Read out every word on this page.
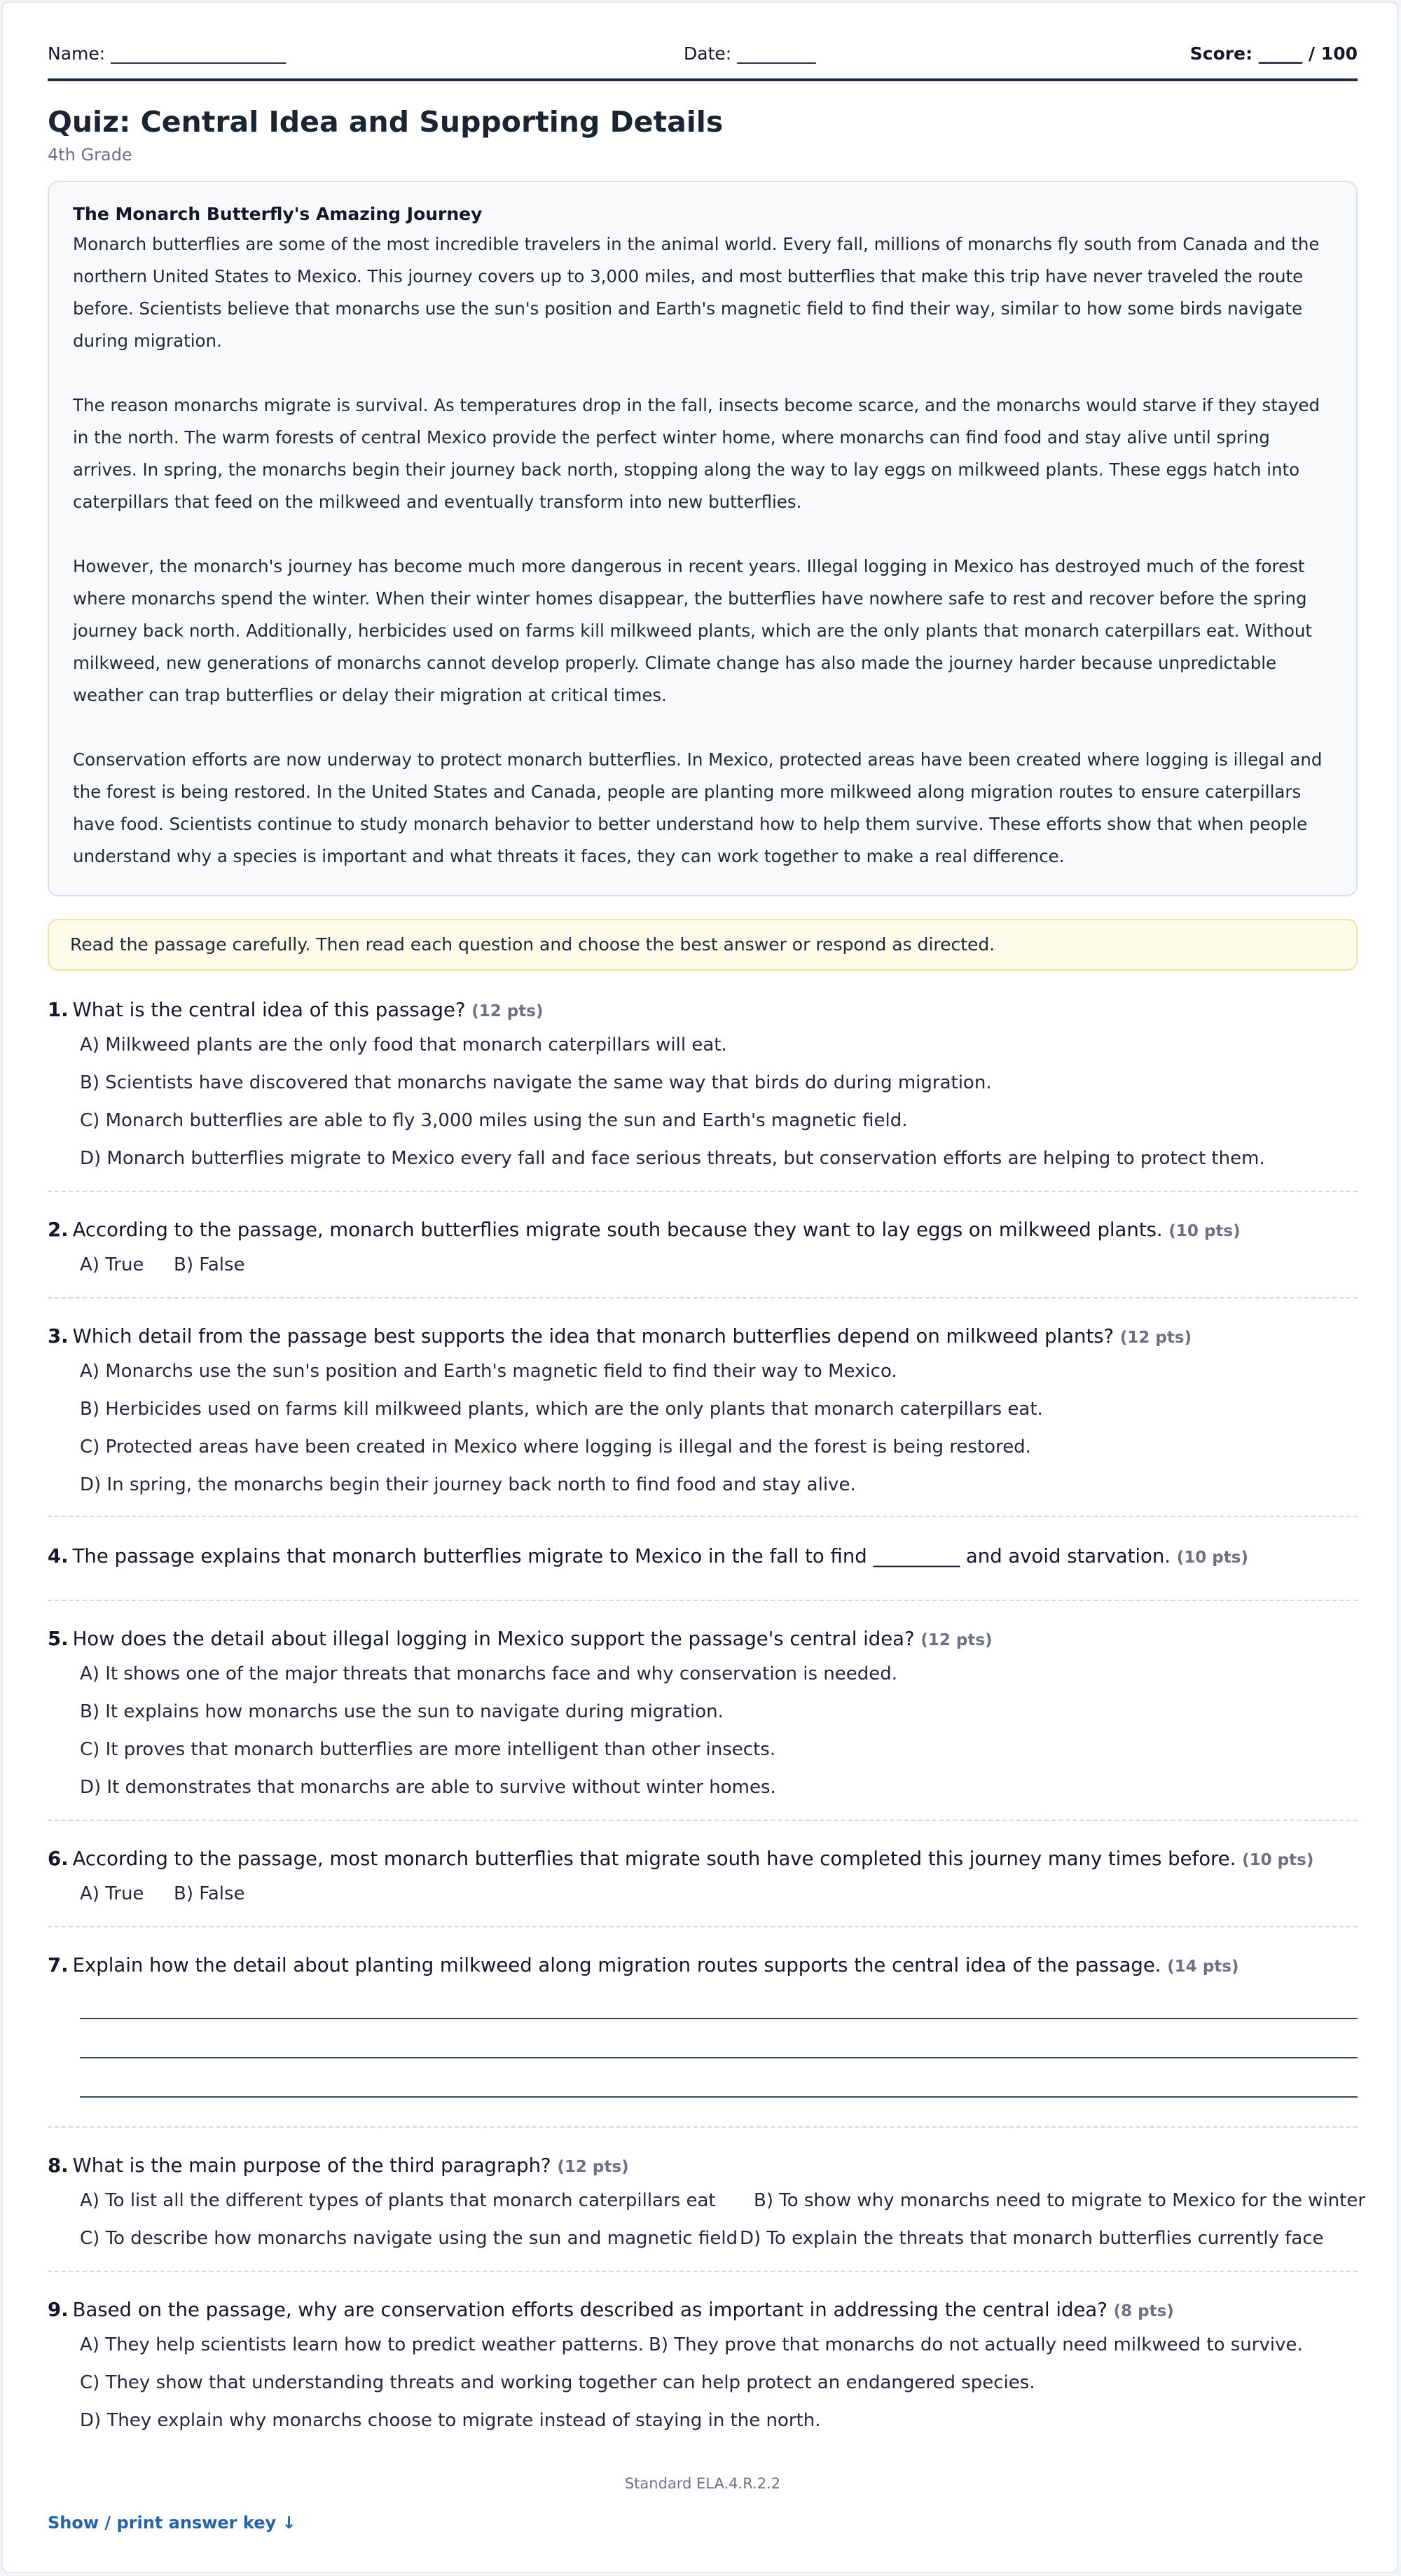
Name: ____________________	Date: _________	Score: _____ / 100
Quiz: Central Idea and Supporting Details
4th Grade
The Monarch Butterfly's Amazing Journey

Monarch butterflies are some of the most incredible travelers in the animal world. Every fall, millions of monarchs fly south from Canada and the northern United States to Mexico. This journey covers up to 3,000 miles, and most butterflies that make this trip have never traveled the route before. Scientists believe that monarchs use the sun's position and Earth's magnetic field to find their way, similar to how some birds navigate during migration.

The reason monarchs migrate is survival. As temperatures drop in the fall, insects become scarce, and the monarchs would starve if they stayed in the north. The warm forests of central Mexico provide the perfect winter home, where monarchs can find food and stay alive until spring arrives. In spring, the monarchs begin their journey back north, stopping along the way to lay eggs on milkweed plants. These eggs hatch into caterpillars that feed on the milkweed and eventually transform into new butterflies.

However, the monarch's journey has become much more dangerous in recent years. Illegal logging in Mexico has destroyed much of the forest where monarchs spend the winter. When their winter homes disappear, the butterflies have nowhere safe to rest and recover before the spring journey back north. Additionally, herbicides used on farms kill milkweed plants, which are the only plants that monarch caterpillars eat. Without milkweed, new generations of monarchs cannot develop properly. Climate change has also made the journey harder because unpredictable weather can trap butterflies or delay their migration at critical times.

Conservation efforts are now underway to protect monarch butterflies. In Mexico, protected areas have been created where logging is illegal and the forest is being restored. In the United States and Canada, people are planting more milkweed along migration routes to ensure caterpillars have food. Scientists continue to study monarch behavior to better understand how to help them survive. These efforts show that when people understand why a species is important and what threats it faces, they can work together to make a real difference.

Read the passage carefully. Then read each question and choose the best answer or respond as directed.
1. What is the central idea of this passage? (12 pts)
A) Milkweed plants are the only food that monarch caterpillars will eat.
B) Scientists have discovered that monarchs navigate the same way that birds do during migration.
C) Monarch butterflies are able to fly 3,000 miles using the sun and Earth's magnetic field.
D) Monarch butterflies migrate to Mexico every fall and face serious threats, but conservation efforts are helping to protect them.
2. According to the passage, monarch butterflies migrate south because they want to lay eggs on milkweed plants. (10 pts)
A) True B) False
3. Which detail from the passage best supports the idea that monarch butterflies depend on milkweed plants? (12 pts)
A) Monarchs use the sun's position and Earth's magnetic field to find their way to Mexico.
B) Herbicides used on farms kill milkweed plants, which are the only plants that monarch caterpillars eat.
C) Protected areas have been created in Mexico where logging is illegal and the forest is being restored.
D) In spring, the monarchs begin their journey back north to find food and stay alive.
4. The passage explains that monarch butterflies migrate to Mexico in the fall to find _________ and avoid starvation. (10 pts)
5. How does the detail about illegal logging in Mexico support the passage's central idea? (12 pts)
A) It shows one of the major threats that monarchs face and why conservation is needed.
B) It explains how monarchs use the sun to navigate during migration.
C) It proves that monarch butterflies are more intelligent than other insects.
D) It demonstrates that monarchs are able to survive without winter homes.
6. According to the passage, most monarch butterflies that migrate south have completed this journey many times before. (10 pts)
A) True B) False
7. Explain how the detail about planting milkweed along migration routes supports the central idea of the passage. (14 pts)
8. What is the main purpose of the third paragraph? (12 pts)
A) To list all the different types of plants that monarch caterpillars eat B) To show why monarchs need to migrate to Mexico for the winter
C) To describe how monarchs navigate using the sun and magnetic field D) To explain the threats that monarch butterflies currently face
9. Based on the passage, why are conservation efforts described as important in addressing the central idea? (8 pts)
A) They help scientists learn how to predict weather patterns. B) They prove that monarchs do not actually need milkweed to survive.
C) They show that understanding threats and working together can help protect an endangered species.
D) They explain why monarchs choose to migrate instead of staying in the north.
Standard ELA.4.R.2.2
Show / print answer key ↓
